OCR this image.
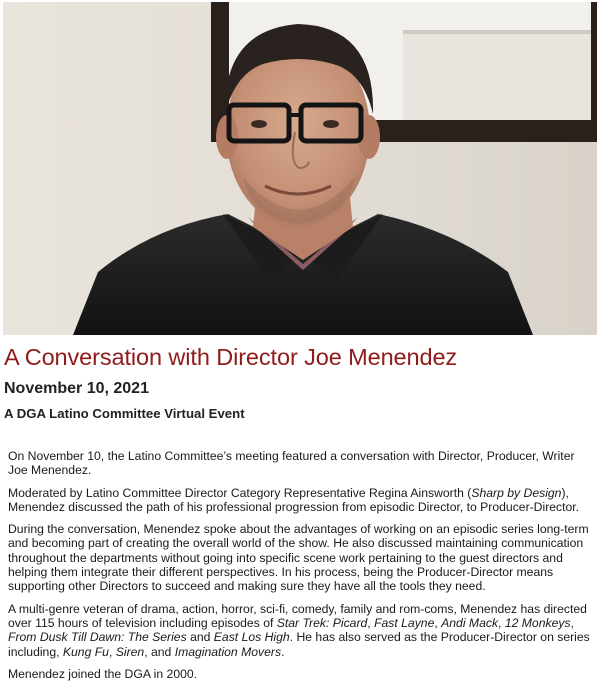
A Conversation with Director Joe Menendez
November 10, 2021
A DGA Latino Committee Virtual Event

On November 10, the Latino Committee’s meeting featured a conversation with Director, Producer, Writer Joe Menendez.

Moderated by Latino Committee Director Category Representative Regina Ainsworth (Sharp by Design), Menendez discussed the path of his professional progression from episodic Director, to Producer-Director.

During the conversation, Menendez spoke about the advantages of working on an episodic series long-term and becoming part of creating the overall world of the show. He also discussed maintaining communication throughout the departments without going into specific scene work pertaining to the guest directors and helping them integrate their different perspectives. In his process, being the Producer-Director means supporting other Directors to succeed and making sure they have all the tools they need.

A multi-genre veteran of drama, action, horror, sci-fi, comedy, family and rom-coms, Menendez has directed over 115 hours of television including episodes of Star Trek: Picard, Fast Layne, Andi Mack, 12 Monkeys, From Dusk Till Dawn: The Series and East Los High. He has also served as the Producer-Director on series including, Kung Fu, Siren, and Imagination Movers.

Menendez joined the DGA in 2000.
